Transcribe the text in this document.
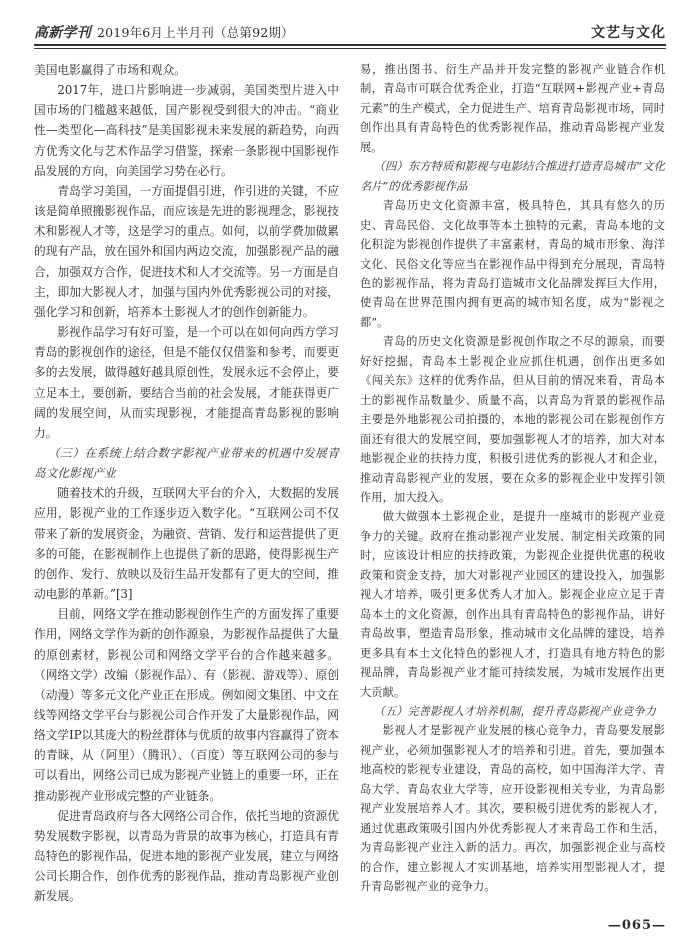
高新学刊 2019年6月上半月刊（总第92期）	文艺与文化

美国电影赢得了市场和观众。

2017年，进口片影响进一步减弱，美国类型片进入中国市场的门槛越来越低，国产影视受到很大的冲击。“商业性—类型化—高科技”是美国影视未来发展的新趋势，向西方优秀文化与艺术作品学习借鉴，探索一条影视中国影视作品发展的方向，向美国学习势在必行。

青岛学习美国，一方面提倡引进，作引进的关键，不应该是简单照搬影视作品，而应该是先进的影视理念，影视技术和影视人才等，这是学习的重点。如何，以前学费加做累的现有产品，放在国外和国内两边交流，加强影视产品的融合，加强双方合作，促进技术和人才交流等。另一方面是自主，即加大影视人才，加强与国内外优秀影视公司的对接，强化学习和创新，培养本土影视人才的创作创新能力。

影视作品学习有好可鉴，是一个可以在如何向西方学习青岛的影视创作的途径，但是不能仅仅借鉴和参考，而要更多的去发展，做得越好越具原创性，发展永远不会停止，要立足本土，要创新，要结合当前的社会发展，才能获得更广阔的发展空间，从而实现影视，才能提高青岛影视的影响力。

（三）在系统上结合数字影视产业带来的机遇中发展青岛文化影视产业

随着技术的升级，互联网大平台的介入，大数据的发展应用，影视产业的工作逐步迈入数字化。“互联网公司不仅带来了新的发展资金，为融资、营销、发行和运营提供了更多的可能，在影视制作上也提供了新的思路，使得影视生产的创作、发行、放映以及衍生品开发都有了更大的空间，推动电影的革新。”[3]

目前，网络文学在推动影视创作生产的方面发挥了重要作用，网络文学作为新的创作源泉，为影视作品提供了大量的原创素材，影视公司和网络文学平台的合作越来越多。（网络文学）改编（影视作品）、有（影视、游戏等）、原创（动漫）等多元文化产业正在形成。例如阅文集团、中文在线等网络文学平台与影视公司合作开发了大量影视作品，网络文学IP以其庞大的粉丝群体与优质的故事内容赢得了资本的青睐，从（阿里）（腾讯）、（百度）等互联网公司的参与可以看出，网络公司已成为影视产业链上的重要一环，正在推动影视产业形成完整的产业链条。

促进青岛政府与各大网络公司合作，依托当地的资源优势发展数字影视，以青岛为背景的故事为核心，打造具有青岛特色的影视作品，促进本地的影视产业发展，建立与网络公司长期合作，创作优秀的影视作品，推动青岛影视产业创新发展。

易，推出图书、衍生产品并开发完整的影视产业链合作机制，青岛市可联合优秀企业，打造“互联网+影视产业+青岛元素”的生产模式，全力促进生产、培育青岛影视市场，同时创作出具有青岛特色的优秀影视作品，推动青岛影视产业发展。

（四）东方特质和影视与电影结合推进打造青岛城市“文化名片”的优秀影视作品

青岛历史文化资源丰富，极具特色，其具有悠久的历史、青岛民俗、文化故事等本土独特的元素，青岛本地的文化积淀为影视创作提供了丰富素材，青岛的城市形象、海洋文化、民俗文化等应当在影视作品中得到充分展现，青岛特色的影视作品，将为青岛打造城市文化品牌发挥巨大作用，使青岛在世界范围内拥有更高的城市知名度，成为“影视之都”。

青岛的历史文化资源是影视创作取之不尽的源泉，而要好好挖掘，青岛本土影视企业应抓住机遇，创作出更多如《闯关东》这样的优秀作品，但从目前的情况来看，青岛本土的影视作品数量少、质量不高，以青岛为背景的影视作品主要是外地影视公司拍摄的，本地的影视公司在影视创作方面还有很大的发展空间，要加强影视人才的培养，加大对本地影视企业的扶持力度，积极引进优秀的影视人才和企业，推动青岛影视产业的发展，要在众多的影视企业中发挥引领作用，加大投入。

做大做强本土影视企业，是提升一座城市的影视产业竞争力的关键。政府在推动影视产业发展、制定相关政策的同时，应该设计相应的扶持政策，为影视企业提供优惠的税收政策和资金支持，加大对影视产业园区的建设投入，加强影视人才培养，吸引更多优秀人才加入。影视企业应立足于青岛本土的文化资源，创作出具有青岛特色的影视作品，讲好青岛故事，塑造青岛形象，推动城市文化品牌的建设，培养更多具有本土文化特色的影视人才，打造具有地方特色的影视品牌，青岛影视产业才能可持续发展，为城市发展作出更大贡献。

（五）完善影视人才培养机制，提升青岛影视产业竞争力

影视人才是影视产业发展的核心竞争力，青岛要发展影视产业，必须加强影视人才的培养和引进。首先，要加强本地高校的影视专业建设，青岛的高校，如中国海洋大学、青岛大学、青岛农业大学等，应开设影视相关专业，为青岛影视产业发展培养人才。其次，要积极引进优秀的影视人才，通过优惠政策吸引国内外优秀影视人才来青岛工作和生活，为青岛影视产业注入新的活力。再次，加强影视企业与高校的合作，建立影视人才实训基地，培养实用型影视人才，提升青岛影视产业的竞争力。

—065—
